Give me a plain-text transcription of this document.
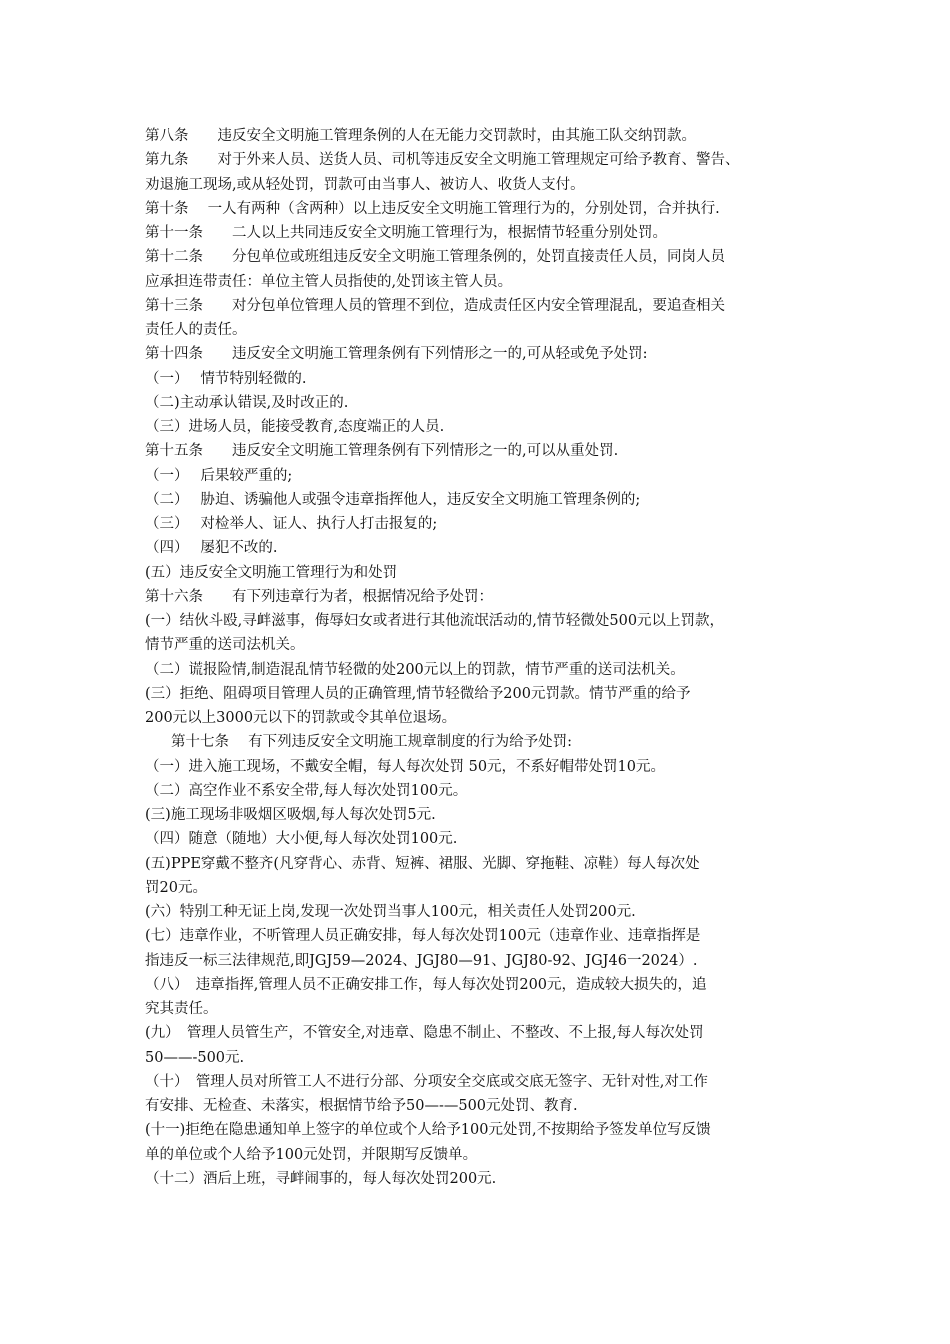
第八条　　违反安全文明施工管理条例的人在无能力交罚款时，由其施工队交纳罚款。
第九条　　对于外来人员、送货人员、司机等违反安全文明施工管理规定可给予教育、警告、
劝退施工现场,或从轻处罚，罚款可由当事人、被访人、收货人支付。
第十条　 一人有两种（含两种）以上违反安全文明施工管理行为的，分别处罚，合并执行.
第十一条　　二人以上共同违反安全文明施工管理行为，根据情节轻重分别处罚。
第十二条　　分包单位或班组违反安全文明施工管理条例的，处罚直接责任人员，同岗人员
应承担连带责任：单位主管人员指使的,处罚该主管人员。
第十三条　　对分包单位管理人员的管理不到位，造成责任区内安全管理混乱，要追查相关
责任人的责任。
第十四条　　违反安全文明施工管理条例有下列情形之一的,可从轻或免予处罚:
（一）　 情节特别轻微的.
（二)主动承认错误,及时改正的.
（三）进场人员，能接受教育,态度端正的人员.
第十五条　　违反安全文明施工管理条例有下列情形之一的,可以从重处罚.
（一）　 后果较严重的;
（二）　 胁迫、诱骗他人或强令违章指挥他人，违反安全文明施工管理条例的;
（三）　 对检举人、证人、执行人打击报复的;
（四）　 屡犯不改的.
(五）违反安全文明施工管理行为和处罚
第十六条　　有下列违章行为者，根据情况给予处罚：
(一）结伙斗殴,寻衅滋事，侮辱妇女或者进行其他流氓活动的,情节轻微处500元以上罚款，
情节严重的送司法机关。
（二）谎报险情,制造混乱情节轻微的处200元以上的罚款，情节严重的送司法机关。
(三）拒绝、阻碍项目管理人员的正确管理,情节轻微给予200元罚款。情节严重的给予
200元以上3000元以下的罚款或令其单位退场。
第十七条　 有下列违反安全文明施工规章制度的行为给予处罚:
（一）进入施工现场，不戴安全帽，每人每次处罚 50元，不系好帽带处罚10元。
（二）高空作业不系安全带,每人每次处罚100元。
(三)施工现场非吸烟区吸烟,每人每次处罚5元.
（四）随意（随地）大小便,每人每次处罚100元.
(五)PPE穿戴不整齐(凡穿背心、赤背、短裤、裙服、光脚、穿拖鞋、凉鞋）每人每次处
罚20元。
(六）特别工种无证上岗,发现一次处罚当事人100元，相关责任人处罚200元.
(七）违章作业，不听管理人员正确安排，每人每次处罚100元（违章作业、违章指挥是
指违反一标三法律规范,即JGJ59—2024、JGJ80—91、JGJ80-92、JGJ46一2024）.
（八）　违章指挥,管理人员不正确安排工作，每人每次处罚200元，造成较大损失的，追
究其责任。
(九）　管理人员管生产，不管安全,对违章、隐患不制止、不整改、不上报,每人每次处罚
50——-500元.
（十）　管理人员对所管工人不进行分部、分项安全交底或交底无签字、无针对性,对工作
有安排、无检查、未落实，根据情节给予50—-—500元处罚、教育.
(十一)拒绝在隐患通知单上签字的单位或个人给予100元处罚,不按期给予签发单位写反馈
单的单位或个人给予100元处罚，并限期写反馈单。
（十二）酒后上班，寻衅闹事的，每人每次处罚200元.
